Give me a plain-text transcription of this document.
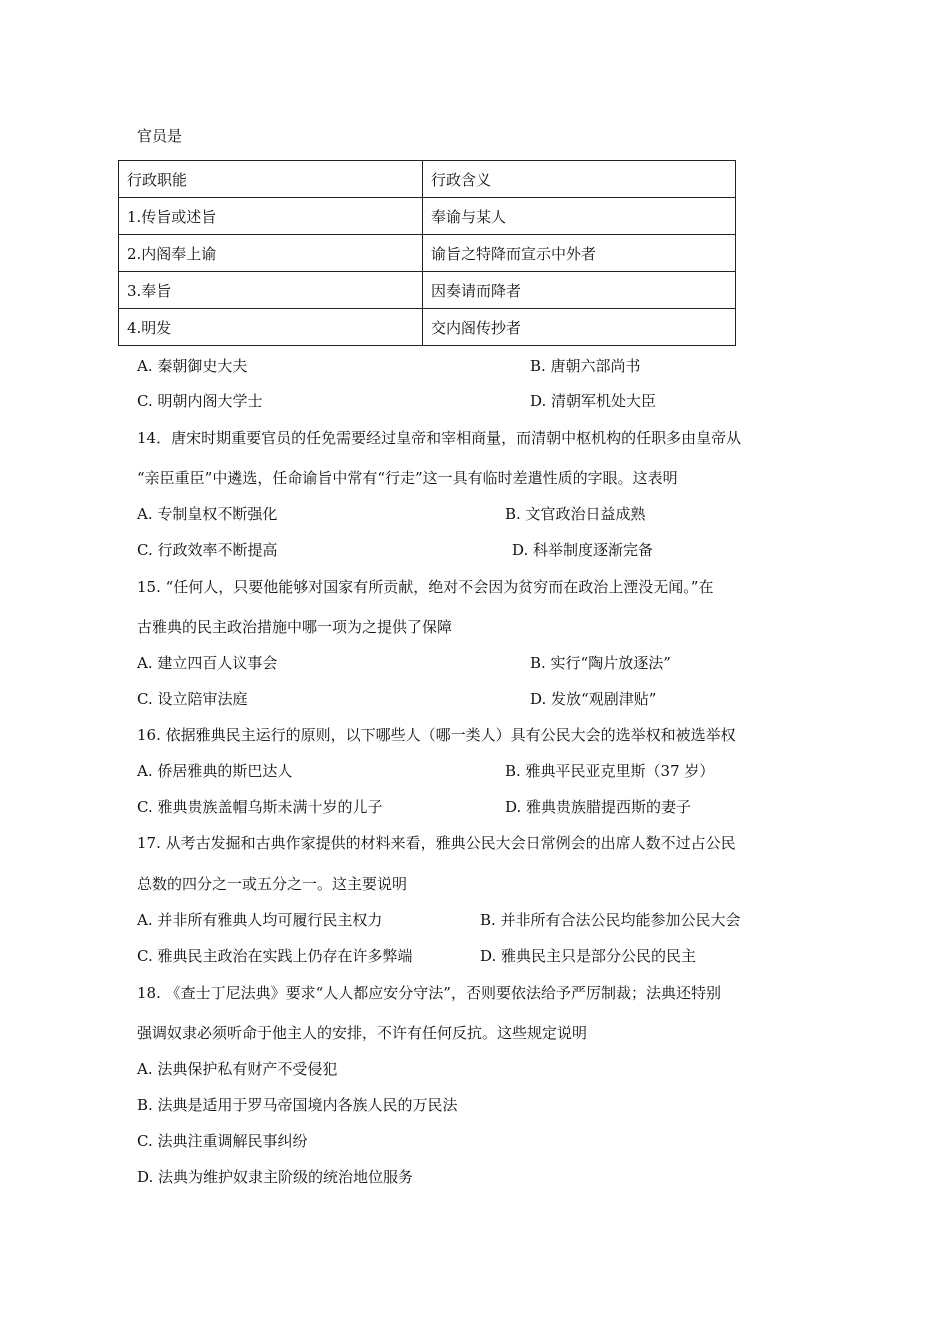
官员是
行政职能	行政含义
1.传旨或述旨	奉谕与某人
2.内阁奉上谕	谕旨之特降而宣示中外者
3.奉旨	因奏请而降者
4.明发	交内阁传抄者
A. 秦朝御史大夫	B. 唐朝六部尚书
C. 明朝内阁大学士	D. 清朝军机处大臣
14．唐宋时期重要官员的任免需要经过皇帝和宰相商量，而清朝中枢机构的任职多由皇帝从
“亲臣重臣”中遴选，任命谕旨中常有“行走”这一具有临时差遣性质的字眼。这表明
A. 专制皇权不断强化	B. 文官政治日益成熟
C. 行政效率不断提高	D. 科举制度逐渐完备
15. “任何人，只要他能够对国家有所贡献，绝对不会因为贫穷而在政治上湮没无闻。”在
古雅典的民主政治措施中哪一项为之提供了保障
A. 建立四百人议事会	B. 实行“陶片放逐法”
C. 设立陪审法庭	D. 发放“观剧津贴”
16. 依据雅典民主运行的原则，以下哪些人（哪一类人）具有公民大会的选举权和被选举权
A. 侨居雅典的斯巴达人	B. 雅典平民亚克里斯（37 岁）
C. 雅典贵族盖帽乌斯未满十岁的儿子	D. 雅典贵族腊提西斯的妻子
17. 从考古发掘和古典作家提供的材料来看，雅典公民大会日常例会的出席人数不过占公民
总数的四分之一或五分之一。这主要说明
A. 并非所有雅典人均可履行民主权力	B. 并非所有合法公民均能参加公民大会
C. 雅典民主政治在实践上仍存在许多弊端	D. 雅典民主只是部分公民的民主
18. 《查士丁尼法典》要求“人人都应安分守法”，否则要依法给予严厉制裁；法典还特别
强调奴隶必须听命于他主人的安排，不许有任何反抗。这些规定说明
A. 法典保护私有财产不受侵犯
B. 法典是适用于罗马帝国境内各族人民的万民法
C. 法典注重调解民事纠纷
D. 法典为维护奴隶主阶级的统治地位服务
